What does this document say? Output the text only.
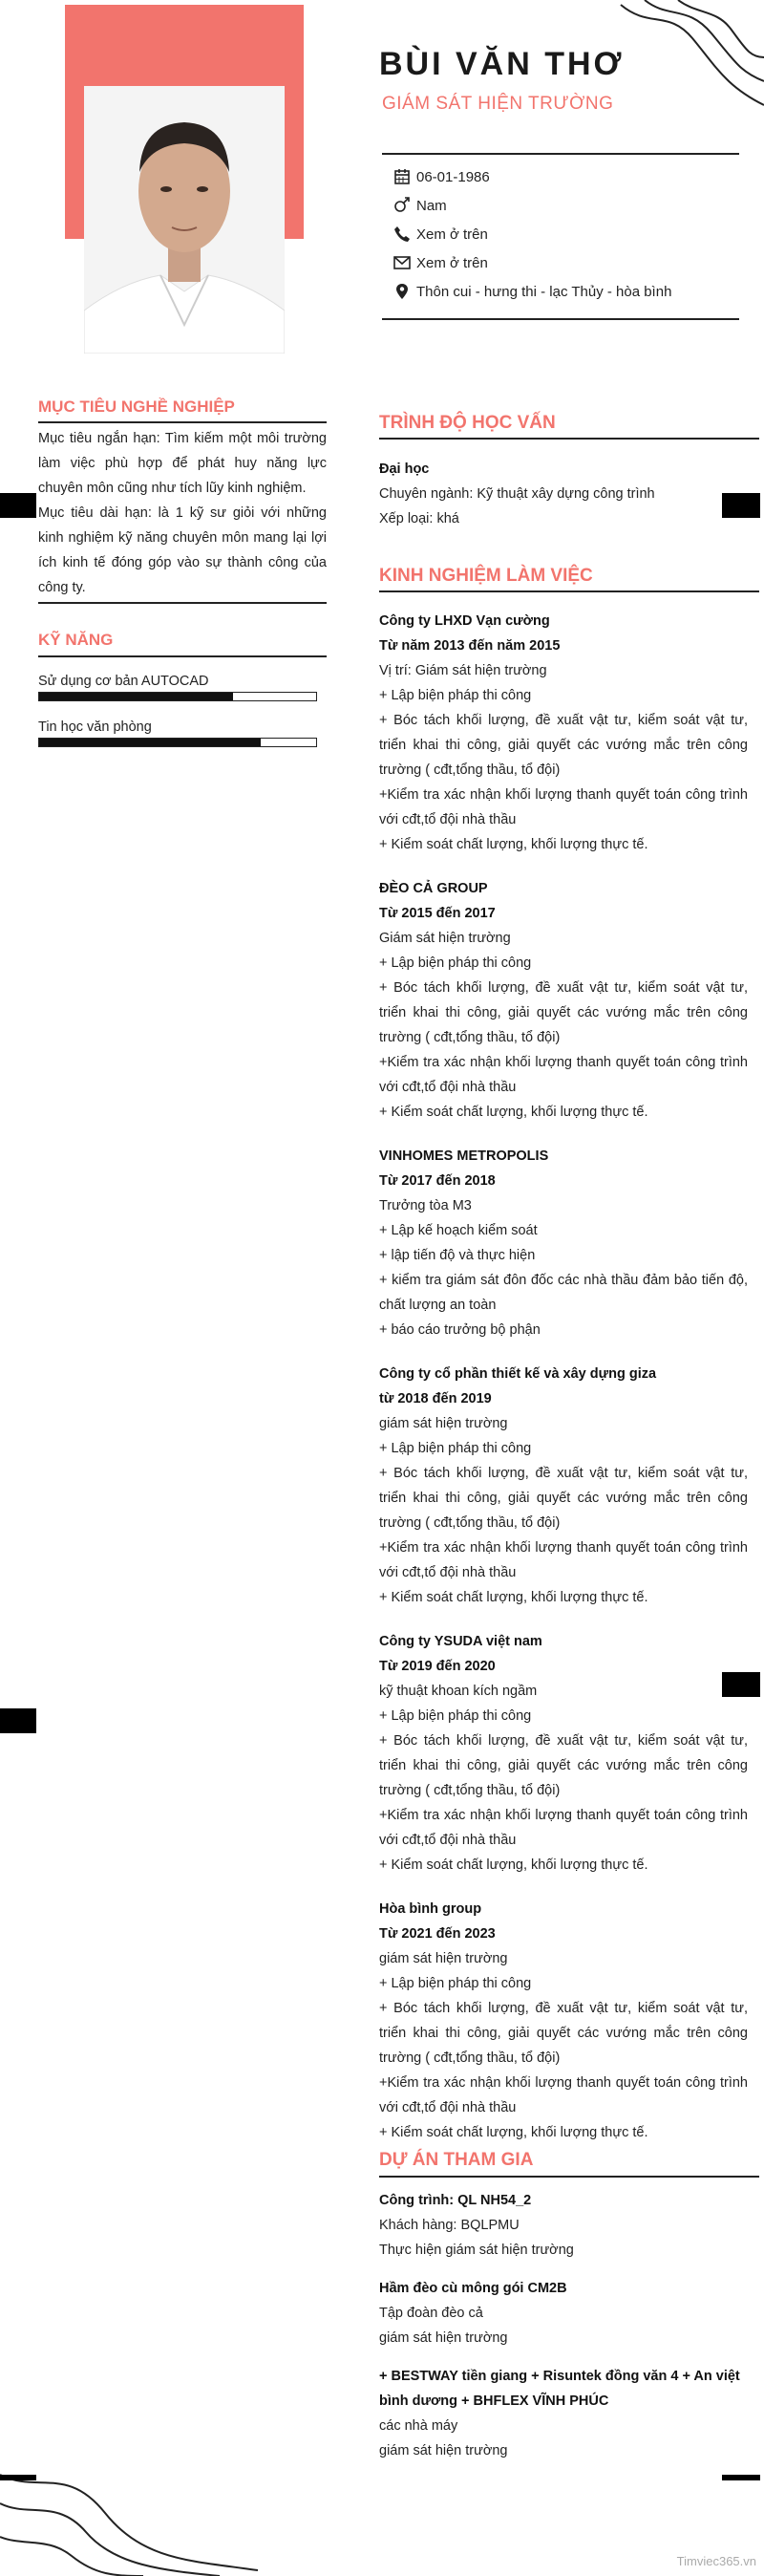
BÙI VĂN THƠ
GIÁM SÁT HIỆN TRƯỜNG
06-01-1986
Nam
Xem ở trên
Xem ở trên
Thôn cui - hưng thi - lạc Thủy - hòa bình
MỤC TIÊU NGHỀ NGHIỆP
Mục tiêu ngắn hạn: Tìm kiếm một môi trường làm việc phù hợp để phát huy năng lực chuyên môn cũng như tích lũy kinh nghiệm.
Mục tiêu dài hạn: là 1 kỹ sư giỏi với những kinh nghiệm kỹ năng chuyên môn mang lại lợi ích kinh tế đóng góp vào sự thành công của công ty.
KỸ NĂNG
Sử dụng cơ bản AUTOCAD
Tin học văn phòng
TRÌNH ĐỘ HỌC VẤN
Đại học
Chuyên ngành: Kỹ thuật xây dựng công trình
Xếp loại: khá
KINH NGHIỆM LÀM VIỆC
Công ty LHXD Vạn cường
Từ năm 2013 đến năm 2015
Vị trí: Giám sát hiện trường
+ Lập biện pháp thi công
+ Bóc tách khối lượng, đề xuất vật tư, kiểm soát vật tư, triển khai thi công, giải quyết các vướng mắc trên công trường ( cđt,tổng thầu, tổ đội)
+Kiểm tra xác nhận khối lượng thanh quyết toán công trình với cđt,tổ đội nhà thầu
+ Kiểm soát chất lượng, khối lượng thực tế.
ĐÈO CẢ GROUP
Từ 2015 đến 2017
Giám sát hiện trường
+ Lập biện pháp thi công
+ Bóc tách khối lượng, đề xuất vật tư, kiểm soát vật tư, triển khai thi công, giải quyết các vướng mắc trên công trường ( cđt,tổng thầu, tổ đội)
+Kiểm tra xác nhận khối lượng thanh quyết toán công trình với cđt,tổ đội nhà thầu
+ Kiểm soát chất lượng, khối lượng thực tế.
VINHOMES METROPOLIS
Từ 2017 đến 2018
Trưởng tòa M3
+ Lập kế hoạch kiểm soát
+ lập tiến độ và thực hiện
+ kiểm tra giám sát đôn đốc các nhà thầu đảm bảo tiến độ, chất lượng an toàn
+ báo cáo trưởng bộ phận
Công ty cổ phần thiết kế và xây dựng giza
từ 2018 đến 2019
giám sát hiện trường
+ Lập biện pháp thi công
+ Bóc tách khối lượng, đề xuất vật tư, kiểm soát vật tư, triển khai thi công, giải quyết các vướng mắc trên công trường ( cđt,tổng thầu, tổ đội)
+Kiểm tra xác nhận khối lượng thanh quyết toán công trình với cđt,tổ đội nhà thầu
+ Kiểm soát chất lượng, khối lượng thực tế.
Công ty YSUDA việt nam
Từ 2019 đến 2020
kỹ thuật khoan kích ngầm
+ Lập biện pháp thi công
+ Bóc tách khối lượng, đề xuất vật tư, kiểm soát vật tư, triển khai thi công, giải quyết các vướng mắc trên công trường ( cđt,tổng thầu, tổ đội)
+Kiểm tra xác nhận khối lượng thanh quyết toán công trình với cđt,tổ đội nhà thầu
+ Kiểm soát chất lượng, khối lượng thực tế.
Hòa bình group
Từ 2021 đến 2023
giám sát hiện trường
+ Lập biện pháp thi công
+ Bóc tách khối lượng, đề xuất vật tư, kiểm soát vật tư, triển khai thi công, giải quyết các vướng mắc trên công trường ( cđt,tổng thầu, tổ đội)
+Kiểm tra xác nhận khối lượng thanh quyết toán công trình với cđt,tổ đội nhà thầu
+ Kiểm soát chất lượng, khối lượng thực tế.
DỰ ÁN THAM GIA
Công trình: QL NH54_2
Khách hàng: BQLPMU
Thực hiện giám sát hiện trường
Hầm đèo cù mông gói CM2B
Tập đoàn đèo cả
giám sát hiện trường
+ BESTWAY tiền giang + Risuntek đồng văn 4 + An việt bình dương + BHFLEX VĨNH PHÚC
các nhà máy
giám sát hiện trường
Timviec365.vn
